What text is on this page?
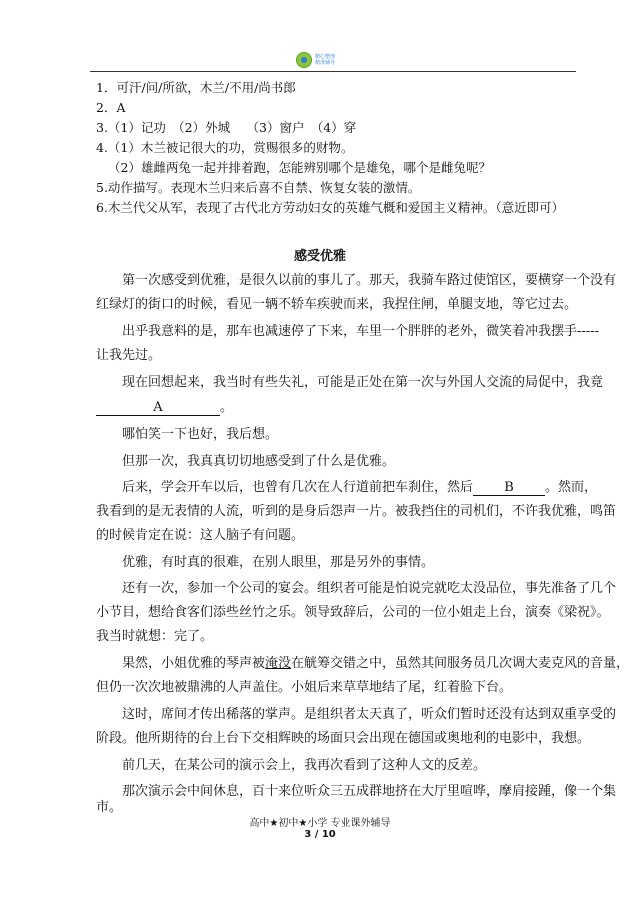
精心整理
精准辅导
1．可汗/问/所欲，木兰/不用/尚书郎
2．A
3.（1）记功　（2）外城　 （3）窗户　（4）穿
4.（1）木兰被记很大的功，赏赐很多的财物。
（2）雄雌两兔一起并排着跑，怎能辨别哪个是雄兔，哪个是雌兔呢？
5.动作描写。表现木兰归来后喜不自禁、恢复女装的激情。
6.木兰代父从军，表现了古代北方劳动妇女的英雄气概和爱国主义精神。（意近即可）
感受优雅
第一次感受到优雅，是很久以前的事儿了。那天，我骑车路过使馆区，要横穿一个没有
红绿灯的街口的时候，看见一辆不轿车疾驶而来，我捏住闸，单腿支地，等它过去。
出乎我意料的是，那车也减速停了下来，车里一个胖胖的老外，微笑着冲我摆手-----
让我先过。
现在回想起来，我当时有些失礼，可能是正处在第一次与外国人交流的局促中，我竟
A	。
哪怕笑一下也好，我后想。
但那一次，我真真切切地感受到了什么是优雅。
后来，学会开车以后，也曾有几次在人行道前把车刹住，然后 B 。然而，
我看到的是无表情的人流，听到的是身后怨声一片。被我挡住的司机们，不许我优雅，鸣笛
的时候肯定在说：这人脑子有问题。
优雅，有时真的很难，在别人眼里，那是另外的事情。
还有一次，参加一个公司的宴会。组织者可能是怕说完就吃太没品位，事先准备了几个
小节目，想给食客们添些丝竹之乐。领导致辞后，公司的一位小姐走上台，演奏《梁祝》。
我当时就想：完了。
果然，小姐优雅的琴声被淹没在觥筹交错之中，虽然其间服务员几次调大麦克风的音量，
但仍一次次地被鼎沸的人声盖住。小姐后来草草地结了尾，红着脸下台。
这时，席间才传出稀落的掌声。是组织者太天真了，听众们暂时还没有达到双重享受的
阶段。他所期待的台上台下交相辉映的场面只会出现在德国或奥地利的电影中，我想。
前几天，在某公司的演示会上，我再次看到了这种人文的反差。
那次演示会中间休息，百十来位听众三五成群地挤在大厅里喧哗，摩肩接踵，像一个集
市。
高中★初中★小学 专业课外辅导
3 / 10
